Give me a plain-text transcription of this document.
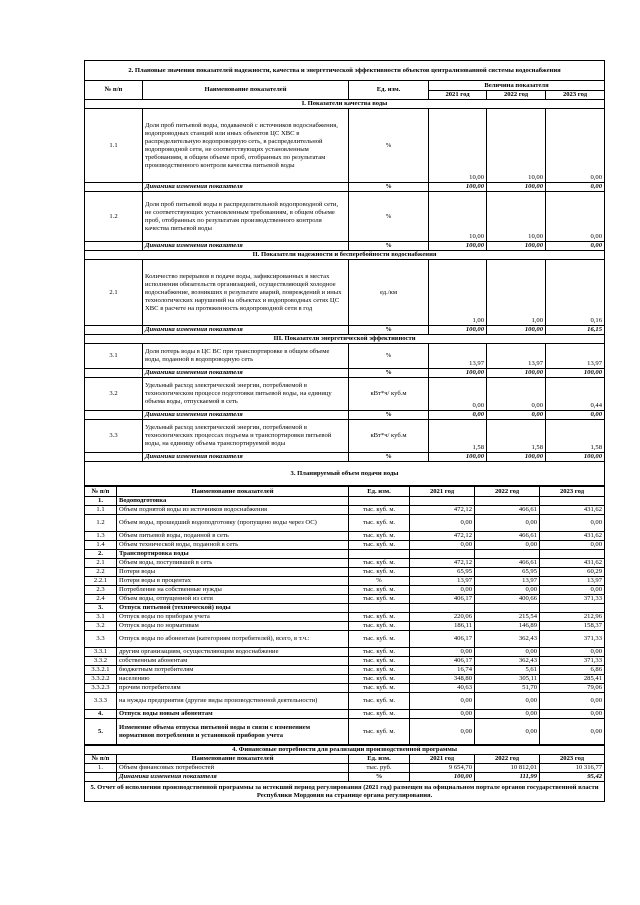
2. Плановые значения показателей надежности, качества и энергетической эффективности объектов централизованной системы водоснабжения					
№ п/п	Наименование показателей	Ед. изм.	Величина показателя		
			2021 год	2022 год	2023 год
I. Показатели качества воды					
1.1	Доля проб питьевой воды, подаваемой с источников водоснабжения, водопроводных станций или иных объектов ЦС ХВС в распределительную водопроводную сеть, в распределительной водопроводной сети, не соответствующих установленным требованиям, в общем объеме проб, отобранных по результатам производственного контроля качества питьевой воды	%	10,00	10,00	0,00
	Динамика изменения показателя	%	100,00	100,00	0,00
1.2	Доля проб питьевой воды в распределительной водопроводной сети, не соответствующих установленным требованиям, в общем объеме проб, отобранных по результатам производственного контроля качества питьевой воды	%	10,00	10,00	0,00
	Динамика изменения показателя	%	100,00	100,00	0,00
II. Показатели надежности и бесперебойности водоснабжения					
2.1	Количество перерывов в подаче воды, зафиксированных в местах исполнения обязательств организацией, осуществляющей холодное водоснабжение, возникших в результате аварий, повреждений и иных технологических нарушений на объектах и водопроводных сетях ЦС ХВС в расчете на протяженность водопроводной сети в год	ед./км	1,00	1,00	0,16
	Динамика изменения показателя	%	100,00	100,00	16,15
III. Показатели энергетической эффективности					
3.1	Доля потерь воды в ЦС ВС при транспортировке в общем объеме воды, поданной в водопроводную сеть	%	13,97	13,97	13,97
	Динамика изменения показателя	%	100,00	100,00	100,00
3.2	Удельный расход электрической энергии, потребляемой в технологическом процессе подготовки питьевой воды, на единицу объема воды, отпускаемой в сеть	кВт*ч/ куб.м	0,00	0,00	0,44
	Динамика изменения показателя	%	0,00	0,00	0,00
3.3	Удельный расход электрической энергии, потребляемой в технологических процессах подъема и транспортировки питьевой воды, на единицу объема транспортируемой воды	кВт*ч/ куб.м	1,58	1,58	1,58
	Динамика изменения показателя	%	100,00	100,00	100,00
3. Планируемый объем подачи воды					
№ п/п	Наименование показателей	Ед. изм.	2021 год	2022 год	2023 год
1.	Водоподготовка				
1.1	Объем поднятой воды из источников водоснабжения	тыс. куб. м.	472,12	466,61	431,62
1.2	Объем воды, прошедший водоподготовку (пропущено воды через ОС)	тыс. куб. м.	0,00	0,00	0,00
1.3	Объем питьевой воды, поданной в сеть	тыс. куб. м.	472,12	466,61	431,62
1.4	Объем технической воды, поданной в сеть	тыс. куб. м.	0,00	0,00	0,00
2.	Транспортировка воды				
2.1	Объем воды, поступившей в сеть	тыс. куб. м.	472,12	466,61	431,62
2.2	Потери воды	тыс. куб. м.	65,95	65,95	60,29
2.2.1	Потери воды в процентах	%	13,97	13,97	13,97
2.3	Потребление на собственные нужды	тыс. куб. м.	0,00	0,00	0,00
2.4	Объем воды, отпущенной из сети	тыс. куб. м.	406,17	400,66	371,33
3.	Отпуск питьевой (технической) воды				
3.1	Отпуск воды по приборам учета	тыс. куб. м.	220,06	215,54	212,96
3.2	Отпуск воды по нормативам	тыс. куб. м.	186,11	146,89	158,37
3.3	Отпуск воды по абонентам (категориям потребителей), всего, в т.ч.:	тыс. куб. м.	406,17	362,43	371,33
3.3.1	другим организациям, осуществляющим водоснабжение	тыс. куб. м.	0,00	0,00	0,00
3.3.2	собственным абонентам	тыс. куб. м.	406,17	362,43	371,33
3.3.2.1	бюджетным потребителям	тыс. куб. м.	16,74	5,61	6,86
3.3.2.2	населению	тыс. куб. м.	348,80	305,11	285,41
3.3.2.3	прочим потребителям	тыс. куб. м.	40,63	51,70	79,06
3.3.3	на нужды предприятия (другие виды производственной деятельности)	тыс. куб. м.	0,00	0,00	0,00
4.	Отпуск воды новым абонентам	тыс. куб. м.	0,00	0,00	0,00
5.	Изменение объема отпуска питьевой воды в связи с изменением нормативов потребления и установкой приборов учета	тыс. куб. м.	0,00	0,00	0,00
4. Финансовые потребности для реализации производственной программы					
№ п/п	Наименование показателей	Ед. изм.	2021 год	2022 год	2023 год
1.	Объем финансовых потребностей	тыс. руб.	9 654,70	10 812,01	10 316,77
	Динамика изменения показателя	%	100,00	111,99	95,42
5. Отчет об исполнении производственной программы за истекший период регулирования (2021 год) размещен на официальном портале органов государственной власти Республики Мордовия на странице органа регулирования.					
